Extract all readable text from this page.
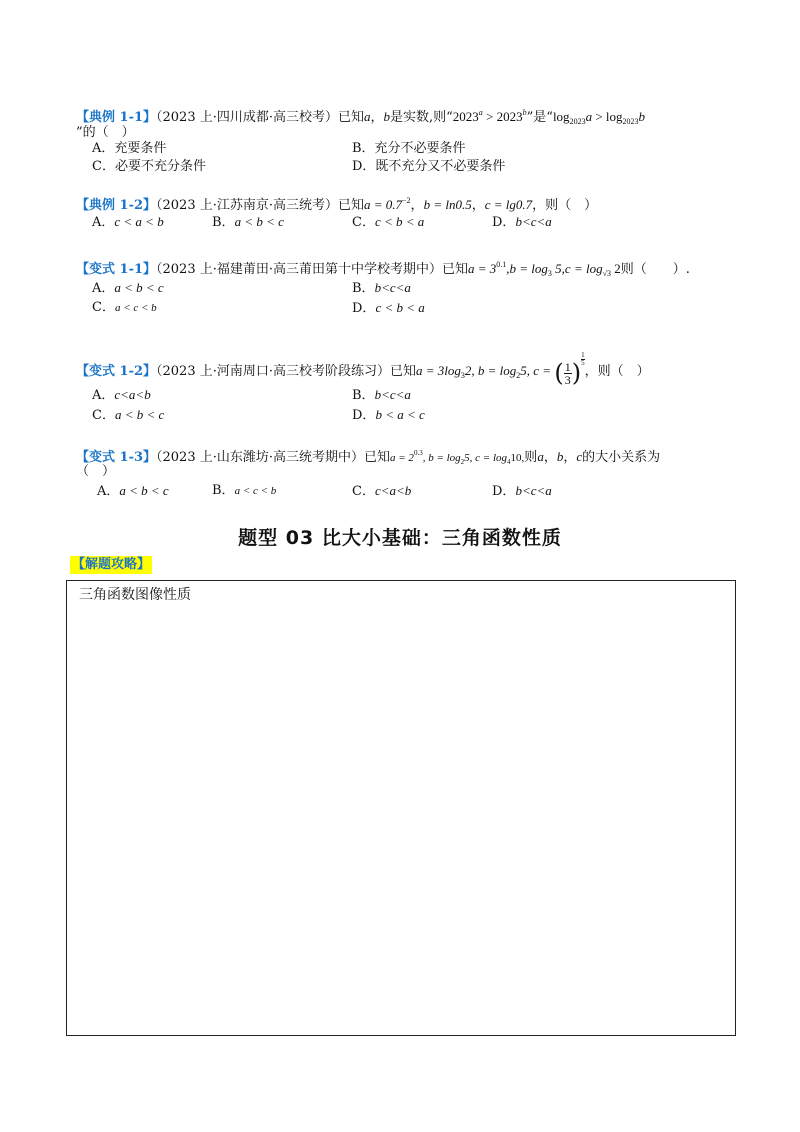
【典例 1-1】（2023 上·四川成都·高三校考）已知a，b是实数,则“$2023^a > 2023^b$”是“$\log_{2023}a > \log_{2023}b$
”的（　）
A．充要条件	B．充分不必要条件
C．必要不充分条件	D．既不充分又不必要条件
【典例 1-2】（2023 上·江苏南京·高三统考）已知$a = 0.7^{-2}$，b = ln0.5，c = lg0.7，则（　）
A．c < a < b	B．a < b < c	C．c < b < a	D．b<c<a
【变式 1-1】（2023 上·福建莆田·高三莆田第十中学校考期中）已知$a = 3^{0.1},b = \log_3 5,c = \log_{√3} 2$则（　　）.
A．a < b < c	B．b<c<a
C．a < c < b	D．c < b < a
【变式 1-2】（2023 上·河南周口·高三校考阶段练习）已知$a = 3\log_32$, $b = \log_25$, c = ( $\frac{1}{3}$ ) $^{\frac{1}{5}}$
，则（　）
A．c<a<b	B．b<c<a
C．a < b < c	D．b < a < c
【变式 1-3】（2023 上·山东潍坊·高三统考期中）已知$a = 2^{0.3}$, $b = \log_25$, $c = \log_410$,则a，b，c的大小关系为
（　）
A．a < b < c	B．a < c < b	C．c<a<b	D．b<c<a
题型 03 比大小基础：三角函数性质
【解题攻略】
三角函数图像性质
